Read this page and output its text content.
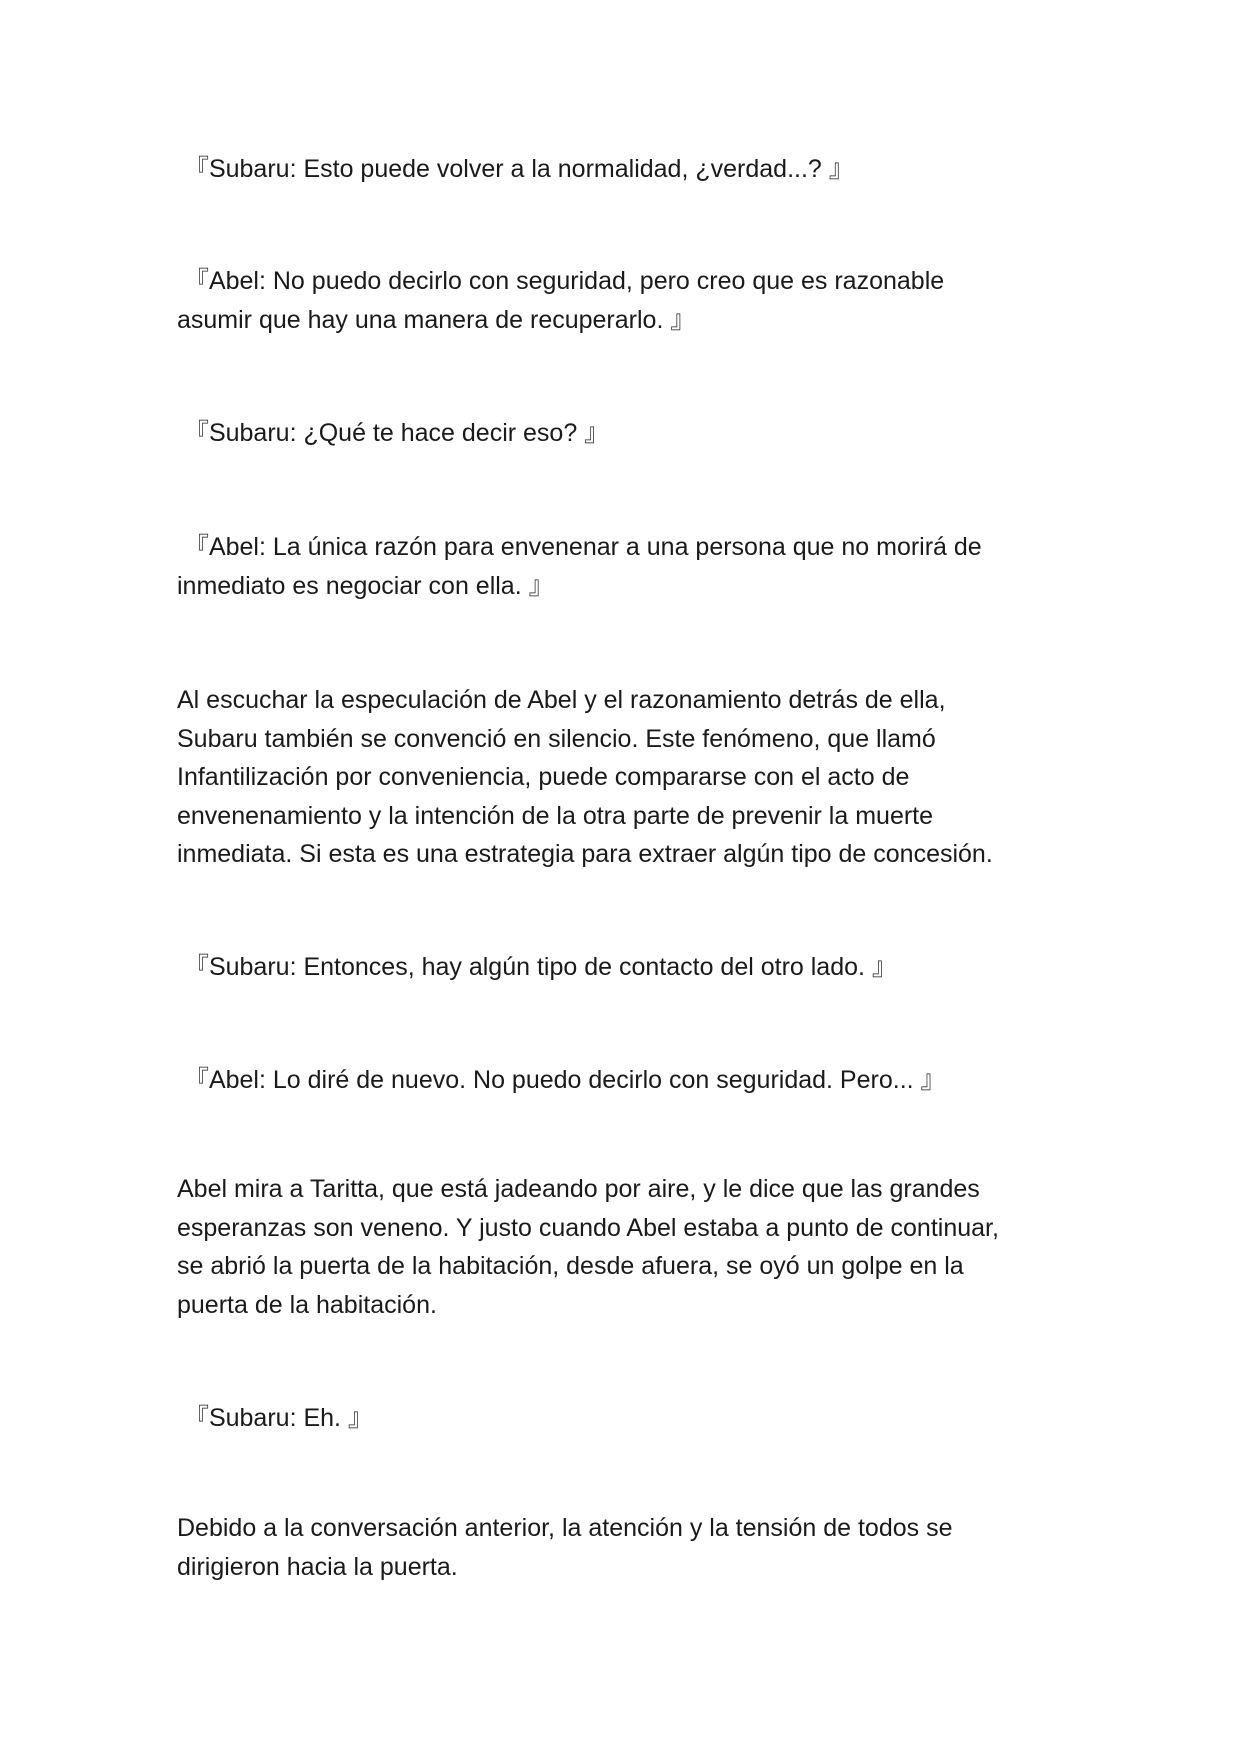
『Subaru: Esto puede volver a la normalidad, ¿verdad...? 』

『Abel: No puedo decirlo con seguridad, pero creo que es razonable
asumir que hay una manera de recuperarlo. 』

『Subaru: ¿Qué te hace decir eso? 』

『Abel: La única razón para envenenar a una persona que no morirá de
inmediato es negociar con ella. 』

Al escuchar la especulación de Abel y el razonamiento detrás de ella,
Subaru también se convenció en silencio. Este fenómeno, que llamó
Infantilización por conveniencia, puede compararse con el acto de
envenenamiento y la intención de la otra parte de prevenir la muerte
inmediata. Si esta es una estrategia para extraer algún tipo de concesión.

『Subaru: Entonces, hay algún tipo de contacto del otro lado. 』

『Abel: Lo diré de nuevo. No puedo decirlo con seguridad. Pero... 』

Abel mira a Taritta, que está jadeando por aire, y le dice que las grandes
esperanzas son veneno. Y justo cuando Abel estaba a punto de continuar,
se abrió la puerta de la habitación, desde afuera, se oyó un golpe en la
puerta de la habitación.

『Subaru: Eh. 』

Debido a la conversación anterior, la atención y la tensión de todos se
dirigieron hacia la puerta.
